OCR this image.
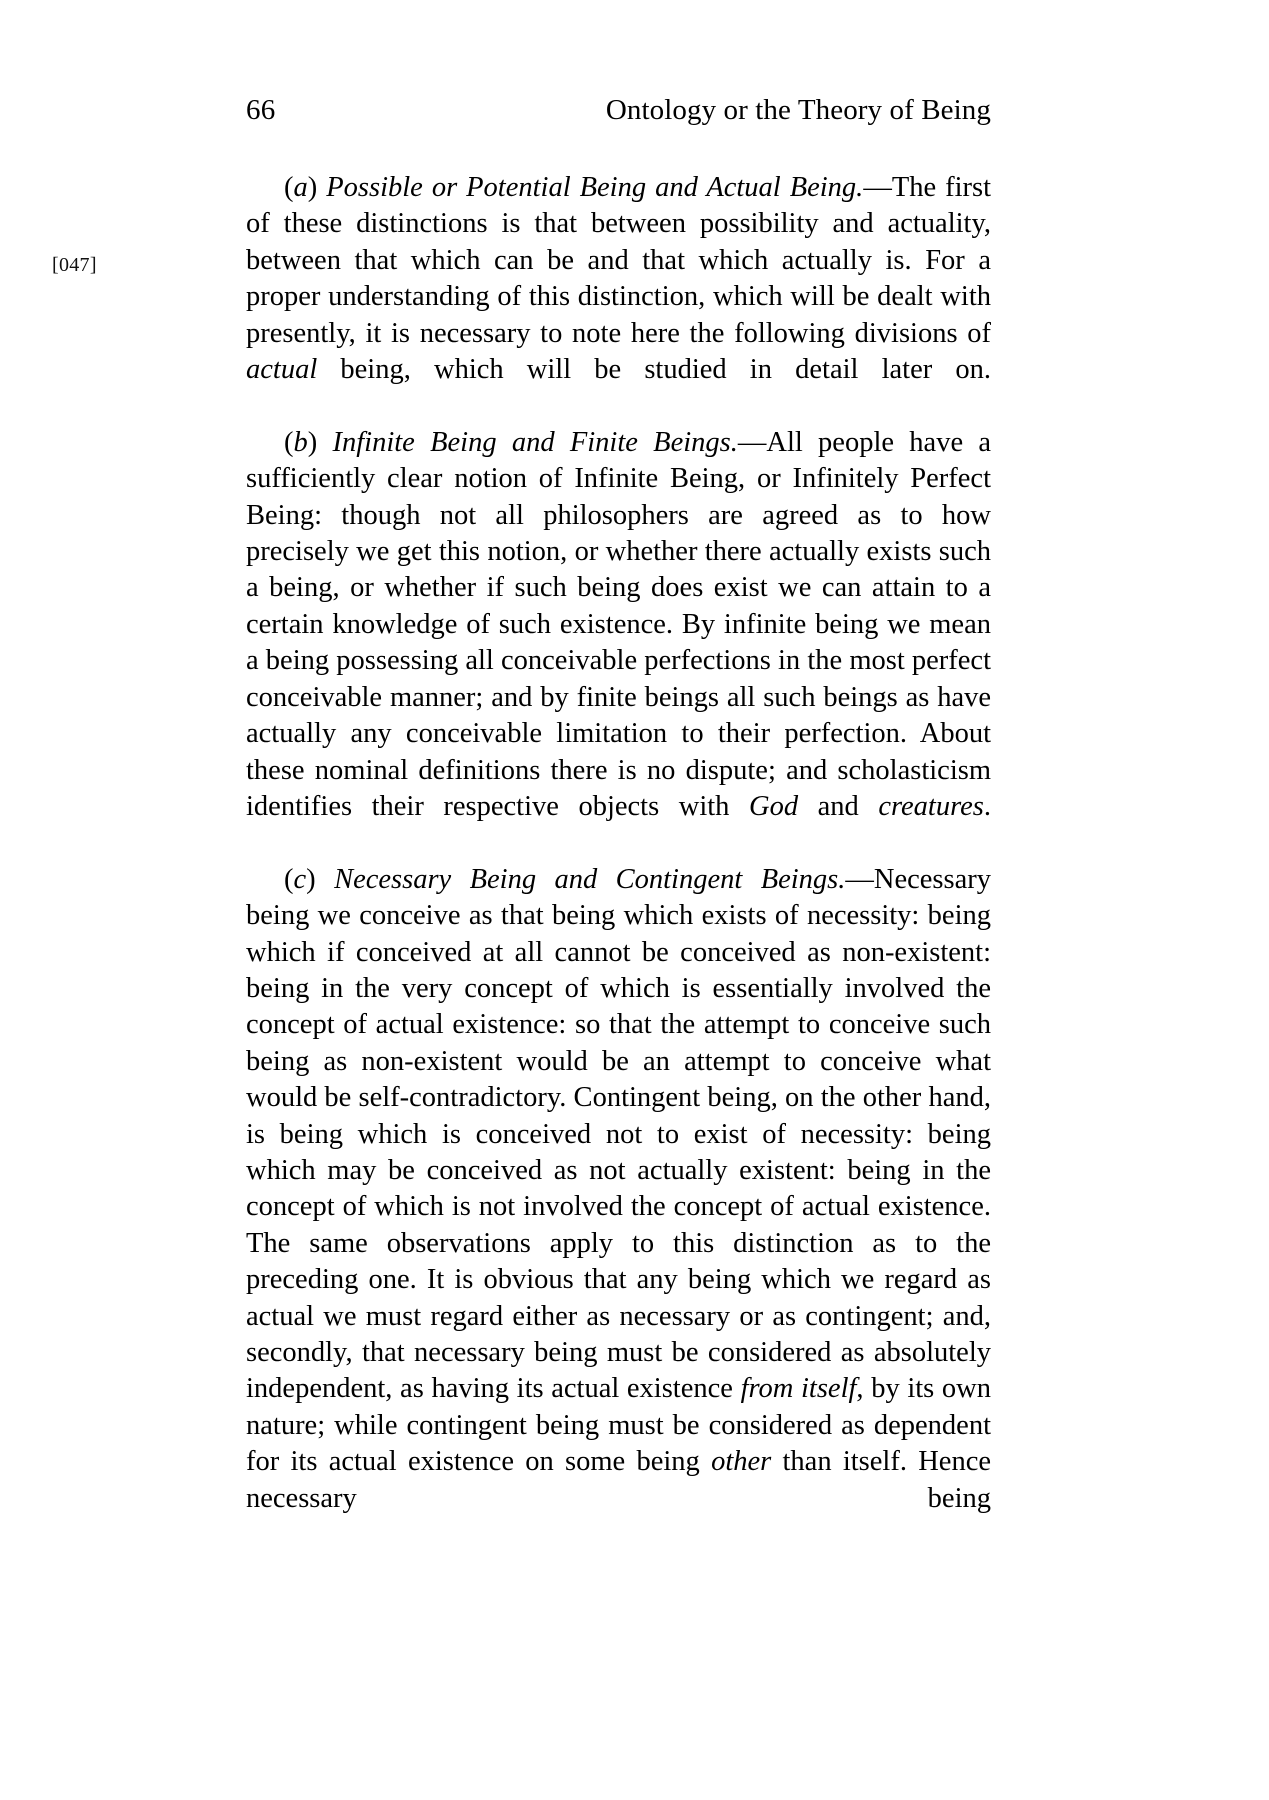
66	Ontology or the Theory of Being
[047]

(a) Possible or Potential Being and Actual Being.—The first of these distinctions is that between possibility and actuality, between that which can be and that which actually is. For a proper understanding of this distinction, which will be dealt with presently, it is necessary to note here the following divisions of actual being, which will be studied in detail later on.

(b) Infinite Being and Finite Beings.—All people have a sufficiently clear notion of Infinite Being, or Infinitely Perfect Being: though not all philosophers are agreed as to how precisely we get this notion, or whether there actually exists such a being, or whether if such being does exist we can attain to a certain knowledge of such existence. By infinite being we mean a being possessing all conceivable perfections in the most perfect conceivable manner; and by finite beings all such beings as have actually any conceivable limitation to their perfection. About these nominal definitions there is no dispute; and scholasticism identifies their respective objects with God and creatures.

(c) Necessary Being and Contingent Beings.—Necessary being we conceive as that being which exists of necessity: being which if conceived at all cannot be conceived as non-existent: being in the very concept of which is essentially involved the concept of actual existence: so that the attempt to conceive such being as non-existent would be an attempt to conceive what would be self-contradictory. Contingent being, on the other hand, is being which is conceived not to exist of necessity: being which may be conceived as not actually existent: being in the concept of which is not involved the concept of actual existence. The same observations apply to this distinction as to the preceding one. It is obvious that any being which we regard as actual we must regard either as necessary or as contingent; and, secondly, that necessary being must be considered as absolutely independent, as having its actual existence from itself, by its own nature; while contingent being must be considered as dependent for its actual existence on some being other than itself. Hence necessary being
